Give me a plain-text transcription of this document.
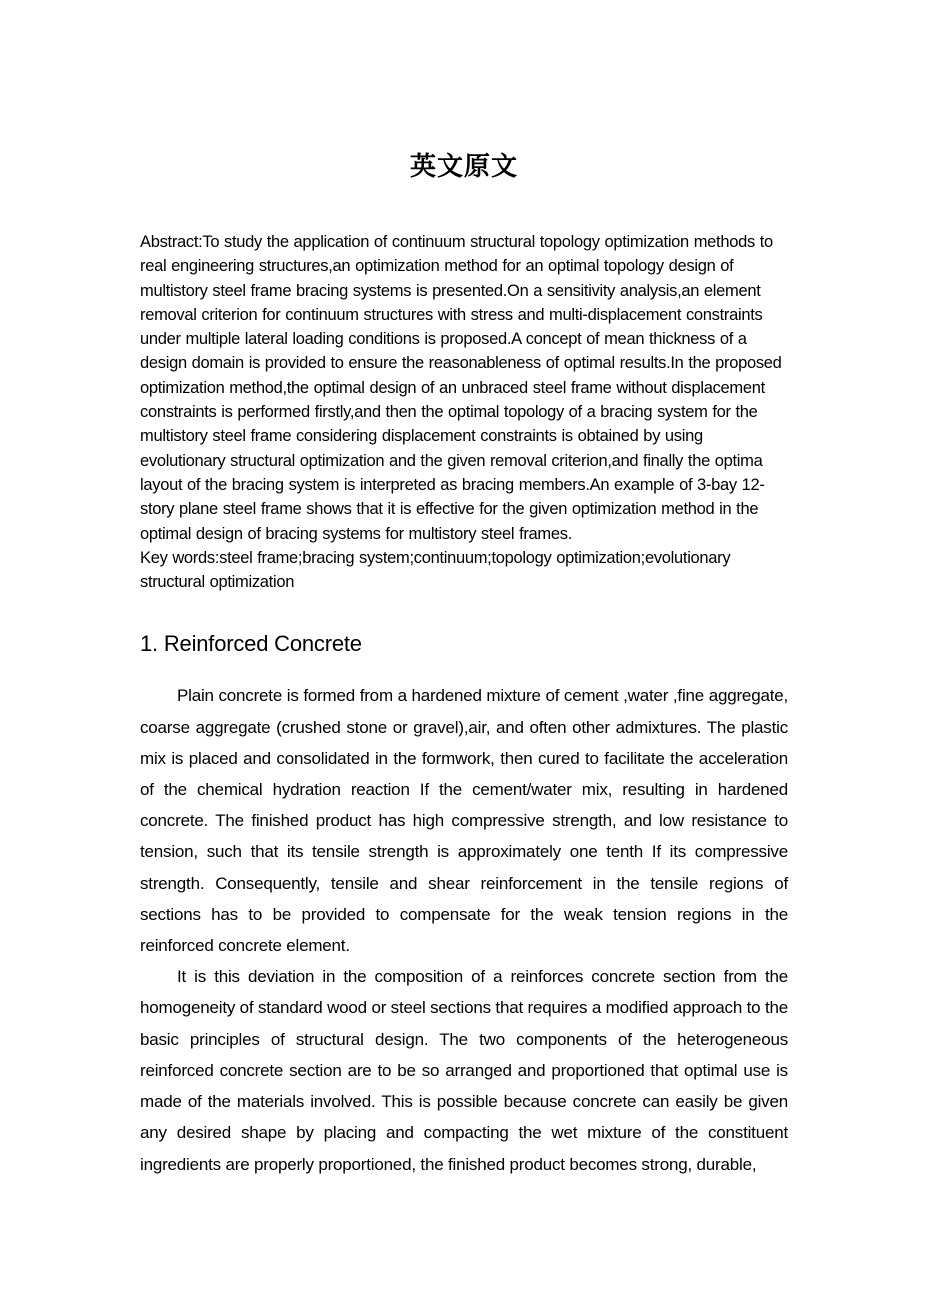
英文原文

Abstract:To study the application of continuum structural topology optimization methods to real engineering structures,an optimization method for an optimal topology design of multistory steel frame bracing systems is presented.On a sensitivity analysis,an element removal criterion for continuum structures with stress and multi-displacement constraints under multiple lateral loading conditions is proposed.A concept of mean thickness of a design domain is provided to ensure the reasonableness of optimal results.In the proposed optimization method,the optimal design of an unbraced steel frame without displacement constraints is performed firstly,and then the optimal topology of a bracing system for the multistory steel frame considering displacement constraints is obtained by using evolutionary structural optimization and the given removal criterion,and finally the optima layout of the bracing system is interpreted as bracing members.An example of 3-bay 12-story plane steel frame shows that it is effective for the given optimization method in the optimal design of bracing systems for multistory steel frames.

Key words:steel frame;bracing system;continuum;topology optimization;evolutionary structural optimization

1. Reinforced Concrete

Plain concrete is formed from a hardened mixture of cement ,water ,fine aggregate, coarse aggregate (crushed stone or gravel),air, and often other admixtures. The plastic mix is placed and consolidated in the formwork, then cured to facilitate the acceleration of the chemical hydration reaction If the cement/water mix, resulting in hardened concrete. The finished product has high compressive strength, and low resistance to tension, such that its tensile strength is approximately one tenth If its compressive strength. Consequently, tensile and shear reinforcement in the tensile regions of sections has to be provided to compensate for the weak tension regions in the reinforced concrete element.

It is this deviation in the composition of a reinforces concrete section from the homogeneity of standard wood or steel sections that requires a modified approach to the basic principles of structural design. The two components of the heterogeneous reinforced concrete section are to be so arranged and proportioned that optimal use is made of the materials involved. This is possible because concrete can easily be given any desired shape by placing and compacting the wet mixture of the constituent ingredients are properly proportioned, the finished product becomes strong, durable,
